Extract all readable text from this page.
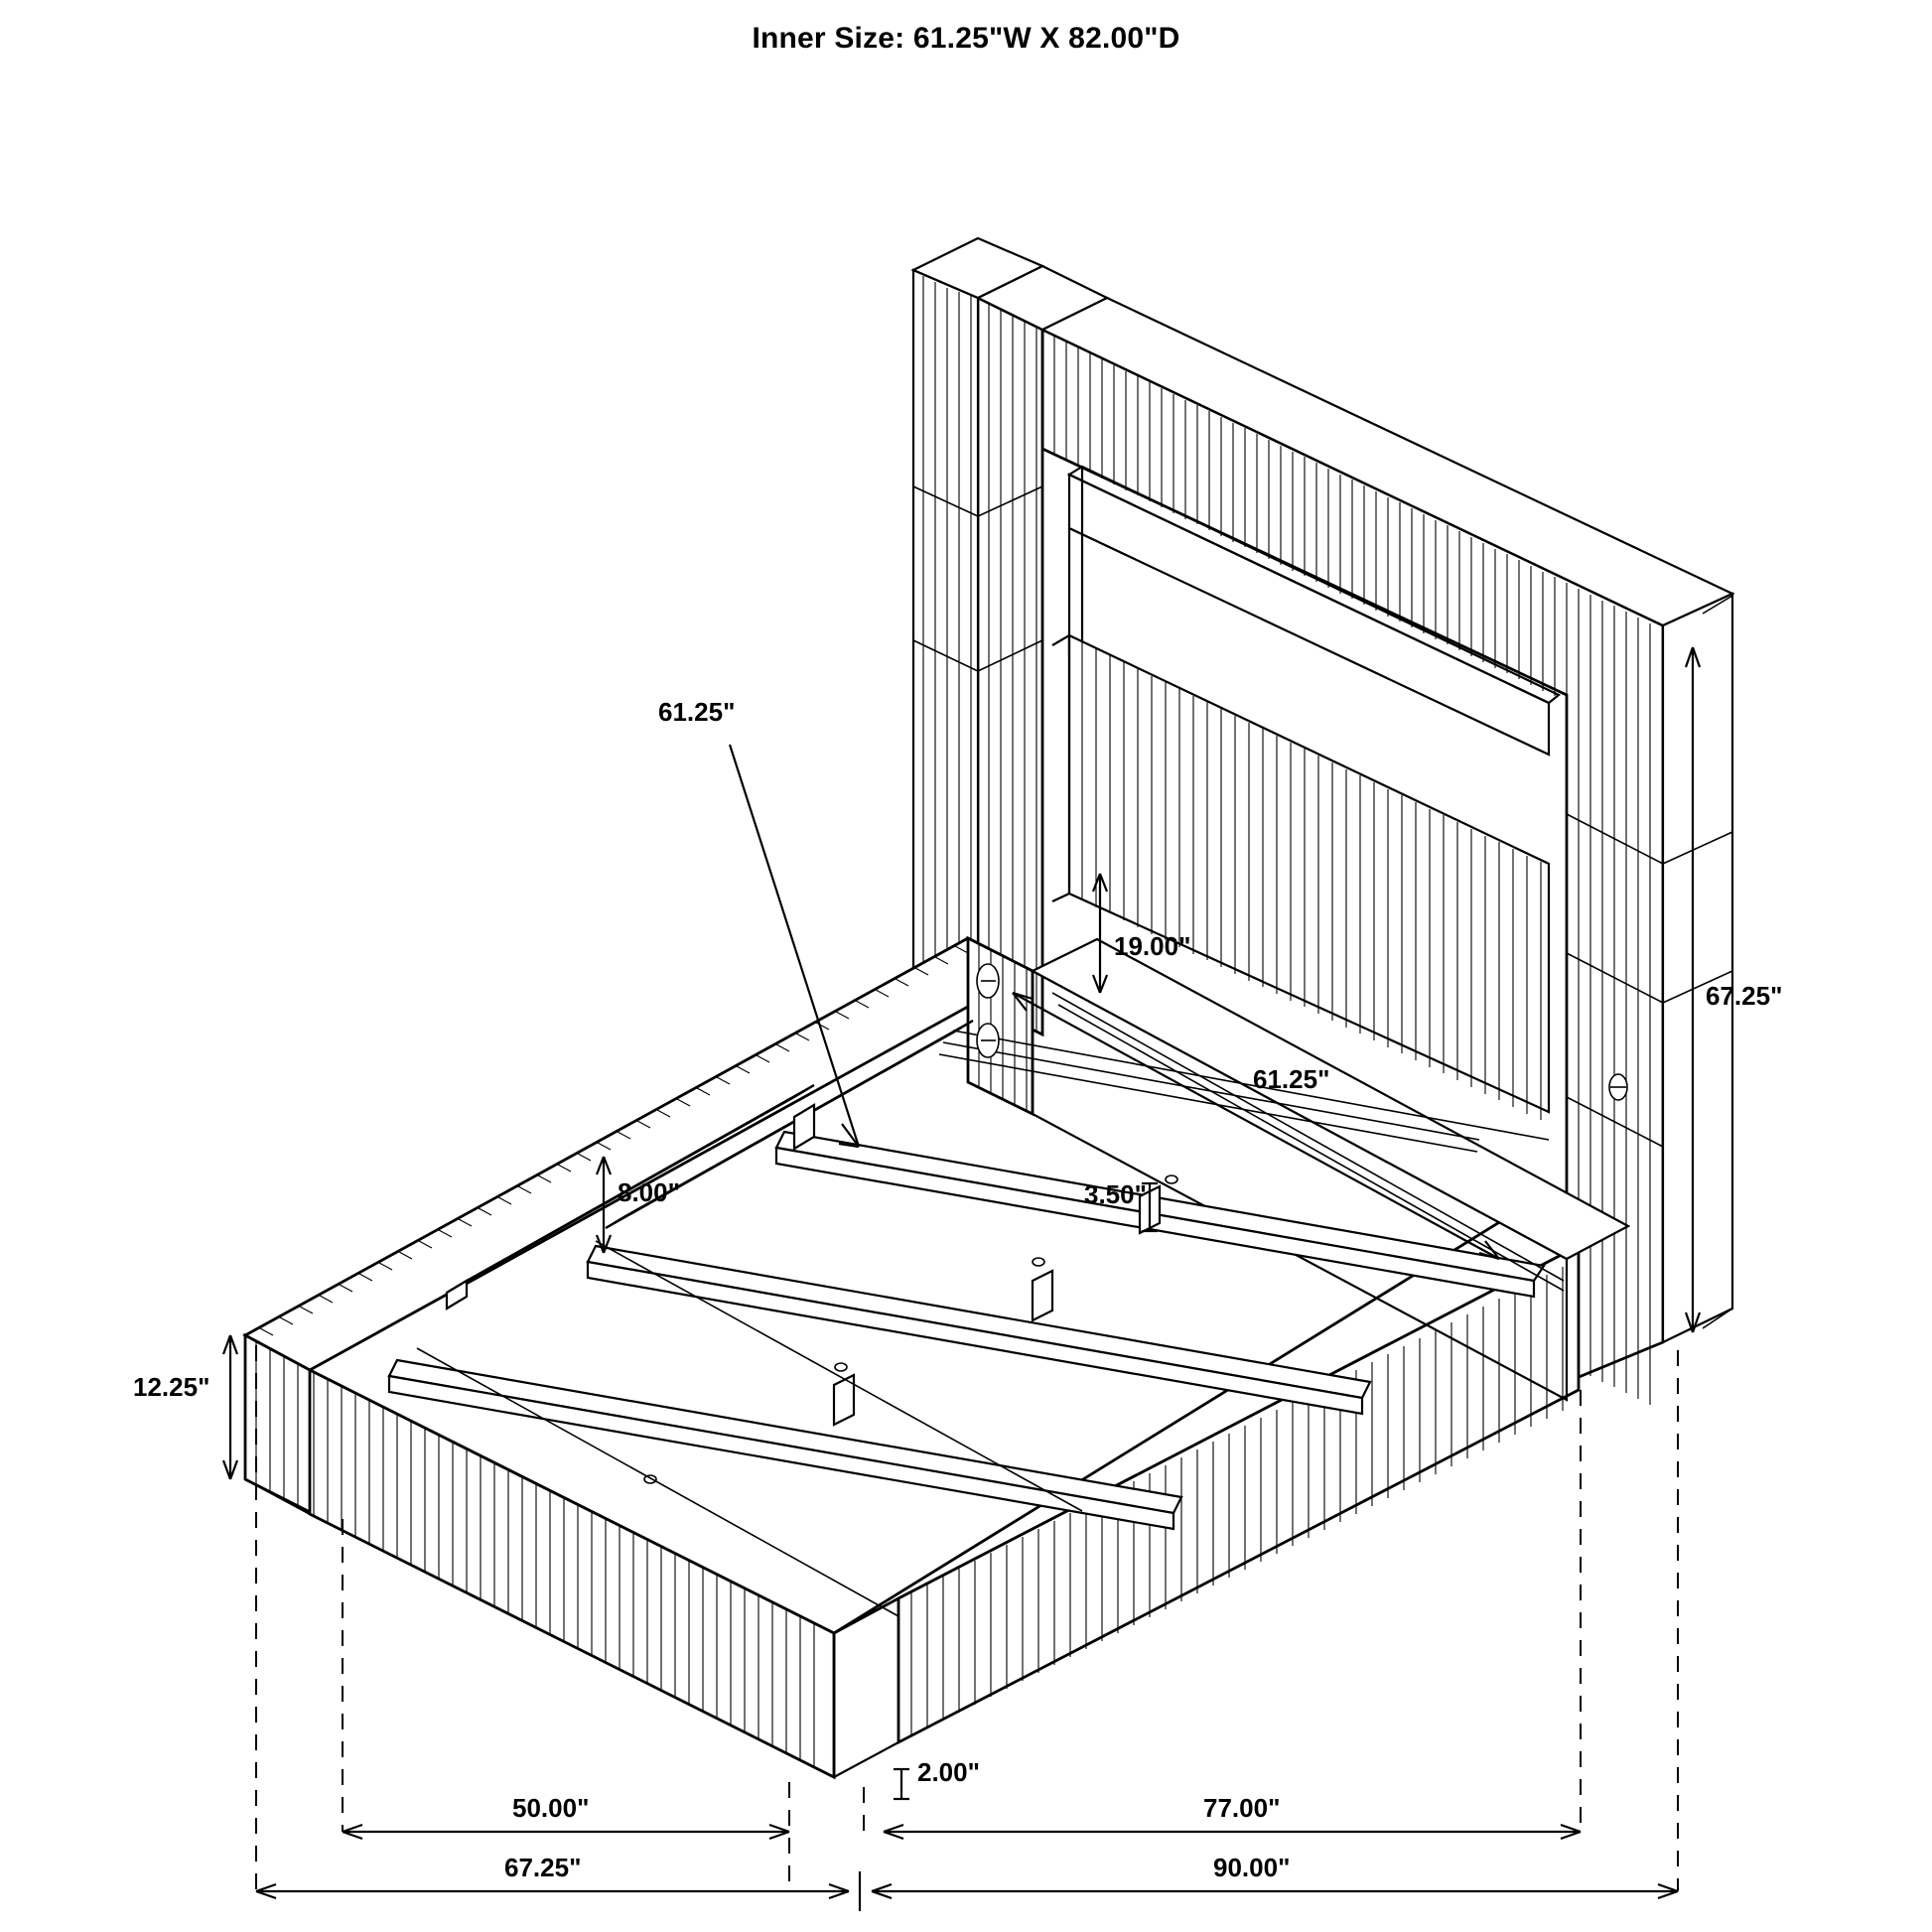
Inner Size: 61.25"W X 82.00"D
61.25"
19.00"
8.00"	3.50"
61.25"
67.25"
12.25"
2.00"
50.00"	77.00"
67.25"	90.00"
